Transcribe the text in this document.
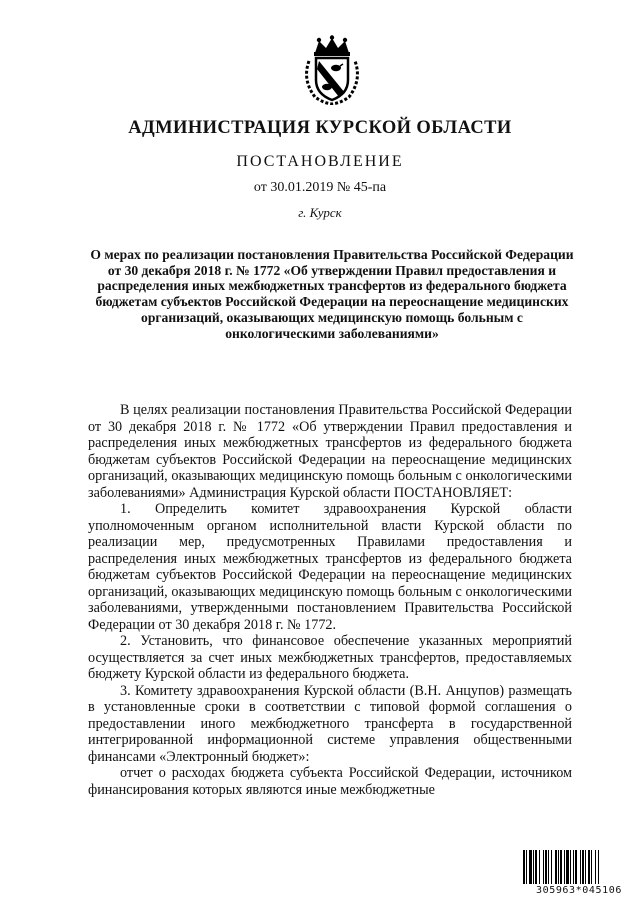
АДМИНИСТРАЦИЯ КУРСКОЙ ОБЛАСТИ
ПОСТАНОВЛЕНИЕ
от 30.01.2019 № 45-па
г. Курск
О мерах по реализации постановления Правительства Российской Федерации от 30 декабря 2018 г. № 1772 «Об утверждении Правил предоставления и распределения иных межбюджетных трансфертов из федерального бюджета бюджетам субъектов Российской Федерации на переоснащение медицинских организаций, оказывающих медицинскую помощь больным с онкологическими заболеваниями»

В целях реализации постановления Правительства Российской Федерации от 30 декабря 2018 г. № 1772 «Об утверждении Правил предоставления и распределения иных межбюджетных трансфертов из федерального бюджета бюджетам субъектов Российской Федерации на переоснащение медицинских организаций, оказывающих медицинскую помощь больным с онкологическими заболеваниями» Администрация Курской области ПОСТАНОВЛЯЕТ:

1. Определить комитет здравоохранения Курской области уполномоченным органом исполнительной власти Курской области по реализации мер, предусмотренных Правилами предоставления и распределения иных межбюджетных трансфертов из федерального бюджета бюджетам субъектов Российской Федерации на переоснащение медицинских организаций, оказывающих медицинскую помощь больным с онкологическими заболеваниями, утвержденными постановлением Правительства Российской Федерации от 30 декабря 2018 г. № 1772.

2. Установить, что финансовое обеспечение указанных мероприятий осуществляется за счет иных межбюджетных трансфертов, предоставляемых бюджету Курской области из федерального бюджета.

3. Комитету здравоохранения Курской области (В.Н. Анцупов) размещать в установленные сроки в соответствии с типовой формой соглашения о предоставлении иного межбюджетного трансферта в государственной интегрированной информационной системе управления общественными финансами «Электронный бюджет»:

отчет о расходах бюджета субъекта Российской Федерации, источником финансирования которых являются иные межбюджетные

305963*045106
